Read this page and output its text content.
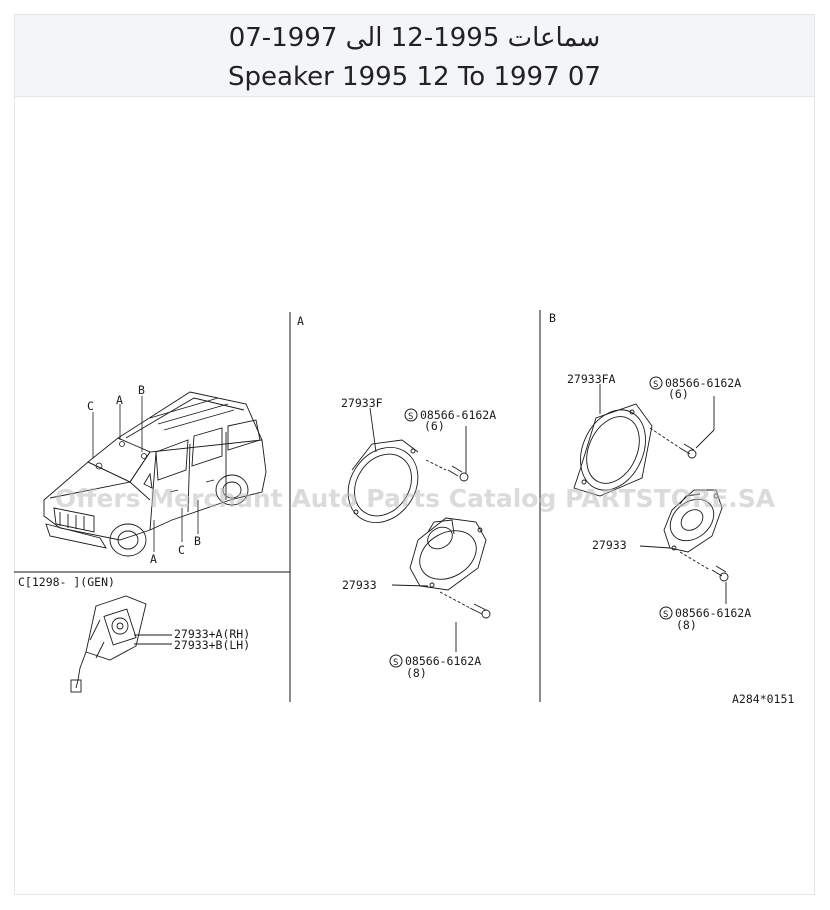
سماعات 1995-12 الى 1997-07
Speaker 1995 12 To 1997 07
A	B
C A
B
A
C
B
C[1298- ](GEN)
27933+A(RH)
27933+B(LH)
27933F
S 08566-6162A
(6)
27933
S 08566-6162A
(8)
27933FA	S 08566-6162A
(6)
27933
S 08566-6162A
(8)
A284*0151
Offers Merchant Auto Parts Catalog PARTSTORE.SA
